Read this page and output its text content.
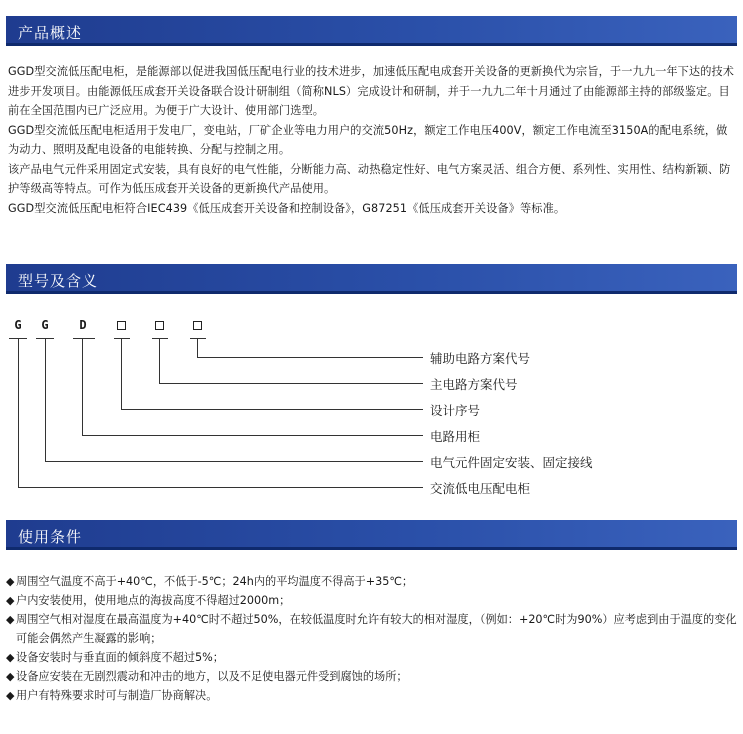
产品概述

GGD型交流低压配电柜，是能源部以促进我国低压配电行业的技术进步，加速低压配电成套开关设备的更新换代为宗旨，于一九九一年下达的技术进步开发项目。由能源低压成套开关设备联合设计研制组（简称NLS）完成设计和研制，并于一九九二年十月通过了由能源部主持的部级鉴定。目前在全国范围内已广泛应用。为便于广大设计、使用部门选型。

GGD型交流低压配电柜适用于发电厂，变电站，厂矿企业等电力用户的交流50Hz，额定工作电压400V，额定工作电流至3150A的配电系统，做为动力、照明及配电设备的电能转换、分配与控制之用。

该产品电气元件采用固定式安装，具有良好的电气性能，分断能力高、动热稳定性好、电气方案灵活、组合方便、系列性、实用性、结构新颖、防护等级高等特点。可作为低压成套开关设备的更新换代产品使用。

GGD型交流低压配电柜符合IEC439《低压成套开关设备和控制设备》，G87251《低压成套开关设备》等标准。

型号及含义
G G	D
辅助电路方案代号
主电路方案代号
设计序号
电路用柜
电气元件固定安装、固定接线
交流低电压配电柜
使用条件
◆ 周围空气温度不高于+40℃，不低于-5℃；24h内的平均温度不得高于+35℃；
◆ 户内安装使用，使用地点的海拔高度不得超过2000m；
◆ 周围空气相对湿度在最高温度为+40℃时不超过50%，在较低温度时允许有较大的相对湿度，（例如：+20℃时为90%）应考虑到由于温度的变化可能会偶然产生凝露的影响；
◆ 设备安装时与垂直面的倾斜度不超过5%；
◆ 设备应安装在无剧烈震动和冲击的地方，以及不足使电器元件受到腐蚀的场所；
◆ 用户有特殊要求时可与制造厂协商解决。
